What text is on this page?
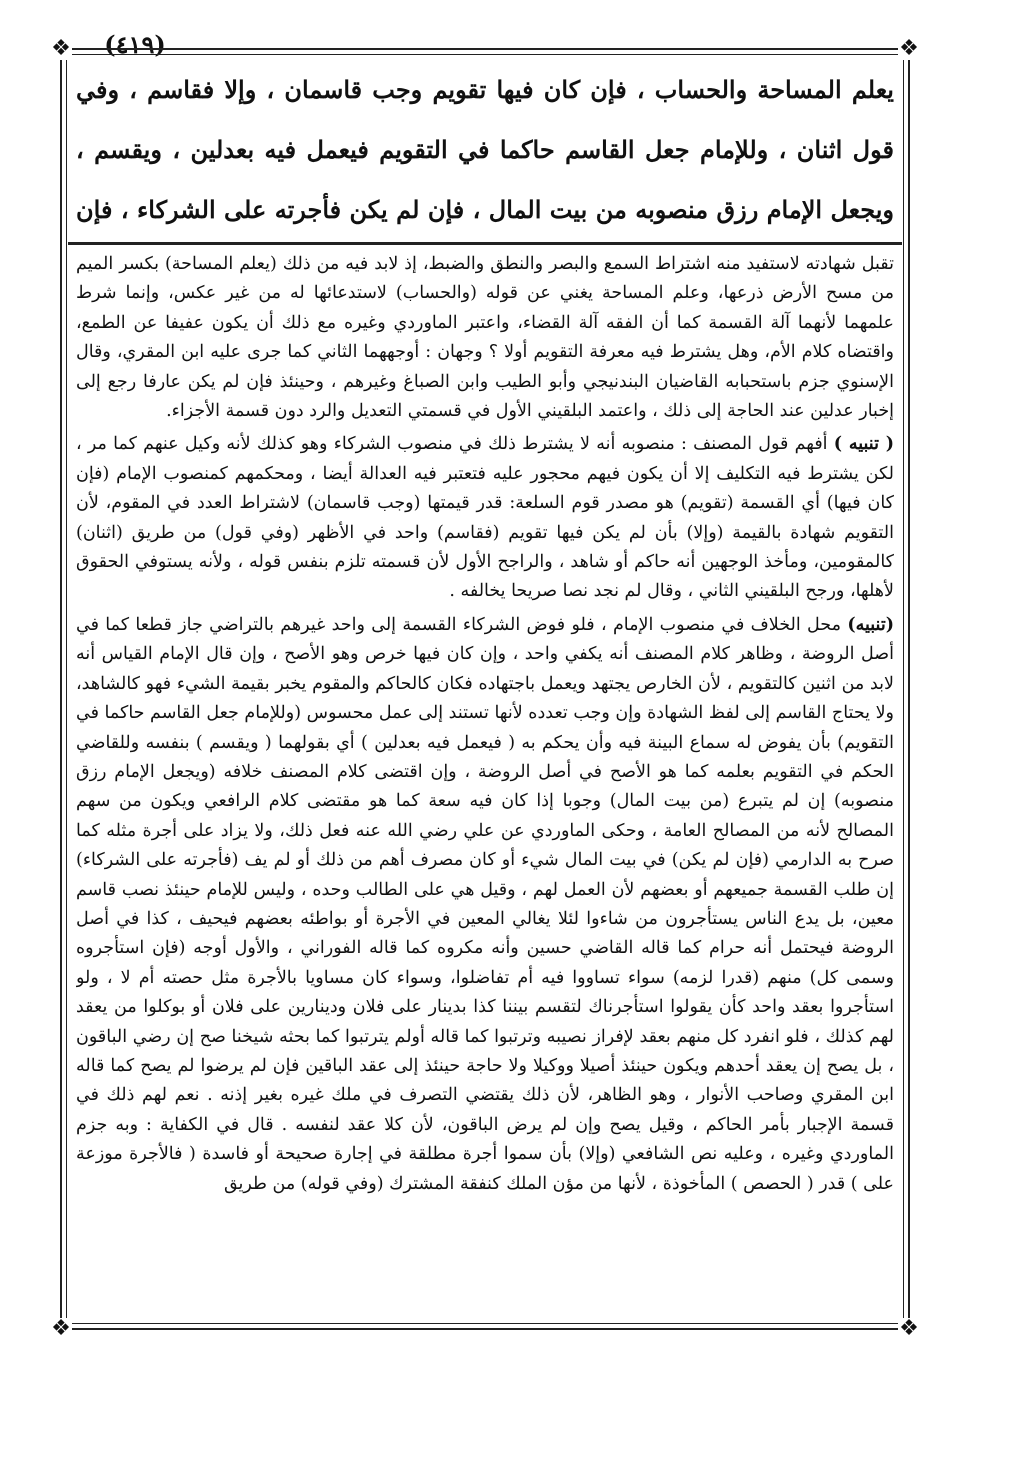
(٤١٩)
❖	❖
❖	❖
يعلم المساحة والحساب ، فإن كان فيها تقويم وجب قاسمان ، وإلا فقاسم ، وفي قول اثنان ، وللإمام جعل القاسم حاكما في التقويم فيعمل فيه بعدلين ، ويقسم ، ويجعل الإمام رزق منصوبه من بيت المال ، فإن لم يكن فأجرته على الشركاء ، فإن

تقبل شهادته لاستفيد منه اشتراط السمع والبصر والنطق والضبط، إذ لابد فيه من ذلك (يعلم المساحة) بكسر الميم من مسح الأرض ذرعها، وعلم المساحة يغني عن قوله (والحساب) لاستدعائها له من غير عكس، وإنما شرط علمهما لأنهما آلة القسمة كما أن الفقه آلة القضاء، واعتبر الماوردي وغيره مع ذلك أن يكون عفيفا عن الطمع، واقتضاه كلام الأم، وهل يشترط فيه معرفة التقويم أولا ؟ وجهان : أوجههما الثاني كما جرى عليه ابن المقري، وقال الإسنوي جزم باستحبابه القاضيان البندنيجي وأبو الطيب وابن الصباغ وغيرهم ، وحينئذ فإن لم يكن عارفا رجع إلى إخبار عدلين عند الحاجة إلى ذلك ، واعتمد البلقيني الأول في قسمتي التعديل والرد دون قسمة الأجزاء.

( تنبيه ) أفهم قول المصنف : منصوبه أنه لا يشترط ذلك في منصوب الشركاء وهو كذلك لأنه وكيل عنهم كما مر ، لكن يشترط فيه التكليف إلا أن يكون فيهم محجور عليه فتعتبر فيه العدالة أيضا ، ومحكمهم كمنصوب الإمام (فإن كان فيها) أي القسمة (تقويم) هو مصدر قوم السلعة: قدر قيمتها (وجب قاسمان) لاشتراط العدد في المقوم، لأن التقويم شهادة بالقيمة (وإلا) بأن لم يكن فيها تقويم (فقاسم) واحد في الأظهر (وفي قول) من طريق (اثنان) كالمقومين، ومأخذ الوجهين أنه حاكم أو شاهد ، والراجح الأول لأن قسمته تلزم بنفس قوله ، ولأنه يستوفي الحقوق لأهلها، ورجح البلقيني الثاني ، وقال لم نجد نصا صريحا يخالفه .

(تنبيه) محل الخلاف في منصوب الإمام ، فلو فوض الشركاء القسمة إلى واحد غيرهم بالتراضي جاز قطعا كما في أصل الروضة ، وظاهر كلام المصنف أنه يكفي واحد ، وإن كان فيها خرص وهو الأصح ، وإن قال الإمام القياس أنه لابد من اثنين كالتقويم ، لأن الخارص يجتهد ويعمل باجتهاده فكان كالحاكم والمقوم يخبر بقيمة الشيء فهو كالشاهد، ولا يحتاج القاسم إلى لفظ الشهادة وإن وجب تعدده لأنها تستند إلى عمل محسوس (وللإمام جعل القاسم حاكما في التقويم) بأن يفوض له سماع البينة فيه وأن يحكم به ( فيعمل فيه بعدلين ) أي بقولهما ( ويقسم ) بنفسه وللقاضي الحكم في التقويم بعلمه كما هو الأصح في أصل الروضة ، وإن اقتضى كلام المصنف خلافه (ويجعل الإمام رزق منصوبه) إن لم يتبرع (من بيت المال) وجوبا إذا كان فيه سعة كما هو مقتضى كلام الرافعي ويكون من سهم المصالح لأنه من المصالح العامة ، وحكى الماوردي عن علي رضي الله عنه فعل ذلك، ولا يزاد على أجرة مثله كما صرح به الدارمي (فإن لم يكن) في بيت المال شيء أو كان مصرف أهم من ذلك أو لم يف (فأجرته على الشركاء) إن طلب القسمة جميعهم أو بعضهم لأن العمل لهم ، وقيل هي على الطالب وحده ، وليس للإمام حينئذ نصب قاسم معين، بل يدع الناس يستأجرون من شاءوا لئلا يغالي المعين في الأجرة أو بواطئه بعضهم فيحيف ، كذا في أصل الروضة فيحتمل أنه حرام كما قاله القاضي حسين وأنه مكروه كما قاله الفوراني ، والأول أوجه (فإن استأجروه وسمى كل) منهم (قدرا لزمه) سواء تساووا فيه أم تفاضلوا، وسواء كان مساويا بالأجرة مثل حصته أم لا ، ولو استأجروا بعقد واحد كأن يقولوا استأجرناك لتقسم بيننا كذا بدينار على فلان ودينارين على فلان أو بوكلوا من يعقد لهم كذلك ، فلو انفرد كل منهم بعقد لإفراز نصيبه وترتبوا كما قاله أولم يترتبوا كما بحثه شيخنا صح إن رضي الباقون ، بل يصح إن يعقد أحدهم ويكون حينئذ أصيلا ووكيلا ولا حاجة حينئذ إلى عقد الباقين فإن لم يرضوا لم يصح كما قاله ابن المقري وصاحب الأنوار ، وهو الظاهر، لأن ذلك يقتضي التصرف في ملك غيره بغير إذنه . نعم لهم ذلك في قسمة الإجبار بأمر الحاكم ، وقيل يصح وإن لم يرض الباقون، لأن كلا عقد لنفسه . قال في الكفاية : وبه جزم الماوردي وغيره ، وعليه نص الشافعي (وإلا) بأن سموا أجرة مطلقة في إجارة صحيحة أو فاسدة ( فالأجرة موزعة على ) قدر ( الحصص ) المأخوذة ، لأنها من مؤن الملك كنفقة المشترك (وفي قوله) من طريق
